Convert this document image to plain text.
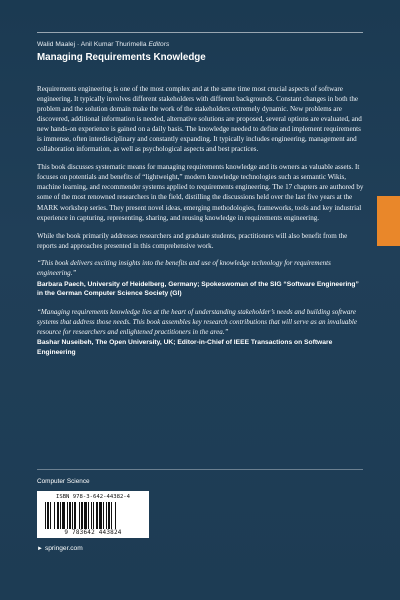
Walid Maalej · Anil Kumar Thurimella Editors
Managing Requirements Knowledge

Requirements engineering is one of the most complex and at the same time most crucial aspects of software engineering. It typically involves different stakeholders with different backgrounds. Constant changes in both the problem and the solution domain make the work of the stakeholders extremely dynamic. New problems are discovered, additional information is needed, alternative solutions are proposed, several options are evaluated, and new hands-on experience is gained on a daily basis. The knowledge needed to define and implement requirements is immense, often interdisciplinary and constantly expanding. It typically includes engineering, management and collaboration information, as well as psychological aspects and best practices.

This book discusses systematic means for managing requirements knowledge and its owners as valuable assets. It focuses on potentials and benefits of “lightweight,” modern knowledge technologies such as semantic Wikis, machine learning, and recommender systems applied to requirements engineering. The 17 chapters are authored by some of the most renowned researchers in the field, distilling the discussions held over the last five years at the MARK workshop series. They present novel ideas, emerging methodologies, frameworks, tools and key industrial experience in capturing, representing, sharing, and reusing knowledge in requirements engineering.

While the book primarily addresses researchers and graduate students, practitioners will also benefit from the reports and approaches presented in this comprehensive work.

“This book delivers exciting insights into the benefits and use of knowledge technology for requirements engineering.”
Barbara Paech, University of Heidelberg, Germany; Spokeswoman of the SIG “Software Engineering” in the German Computer Science Society (GI)
“Managing requirements knowledge lies at the heart of understanding stakeholder’s needs and building software systems that address those needs. This book assembles key research contributions that will serve as an invaluable resource for researchers and enlightened practitioners in the area.”
Bashar Nuseibeh, The Open University, UK; Editor-in-Chief of IEEE Transactions on Software Engineering
Computer Science
ISBN 978-3-642-44382-4
9 783642 443824
► springer.com
